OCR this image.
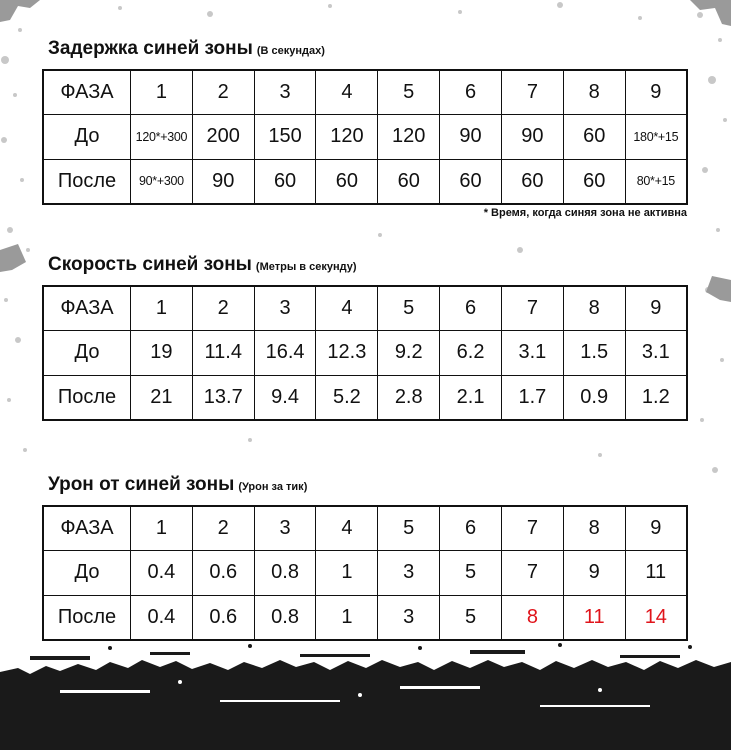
Задержка синей зоны (В секундах)
ФАЗА	1	2	3	4	5	6	7	8	9
До	120*+300	200	150	120	120	90	90	60	180*+15
После	90*+300	90	60	60	60	60	60	60	80*+15
* Время, когда синяя зона не активна
Скорость синей зоны (Метры в секунду)
ФАЗА	1	2	3	4	5	6	7	8	9
До	19	11.4	16.4	12.3	9.2	6.2	3.1	1.5	3.1
После	21	13.7	9.4	5.2	2.8	2.1	1.7	0.9	1.2
Урон от синей зоны (Урон за тик)
ФАЗА	1	2	3	4	5	6	7	8	9
До	0.4	0.6	0.8	1	3	5	7	9	11
После	0.4	0.6	0.8	1	3	5	8	11	14
